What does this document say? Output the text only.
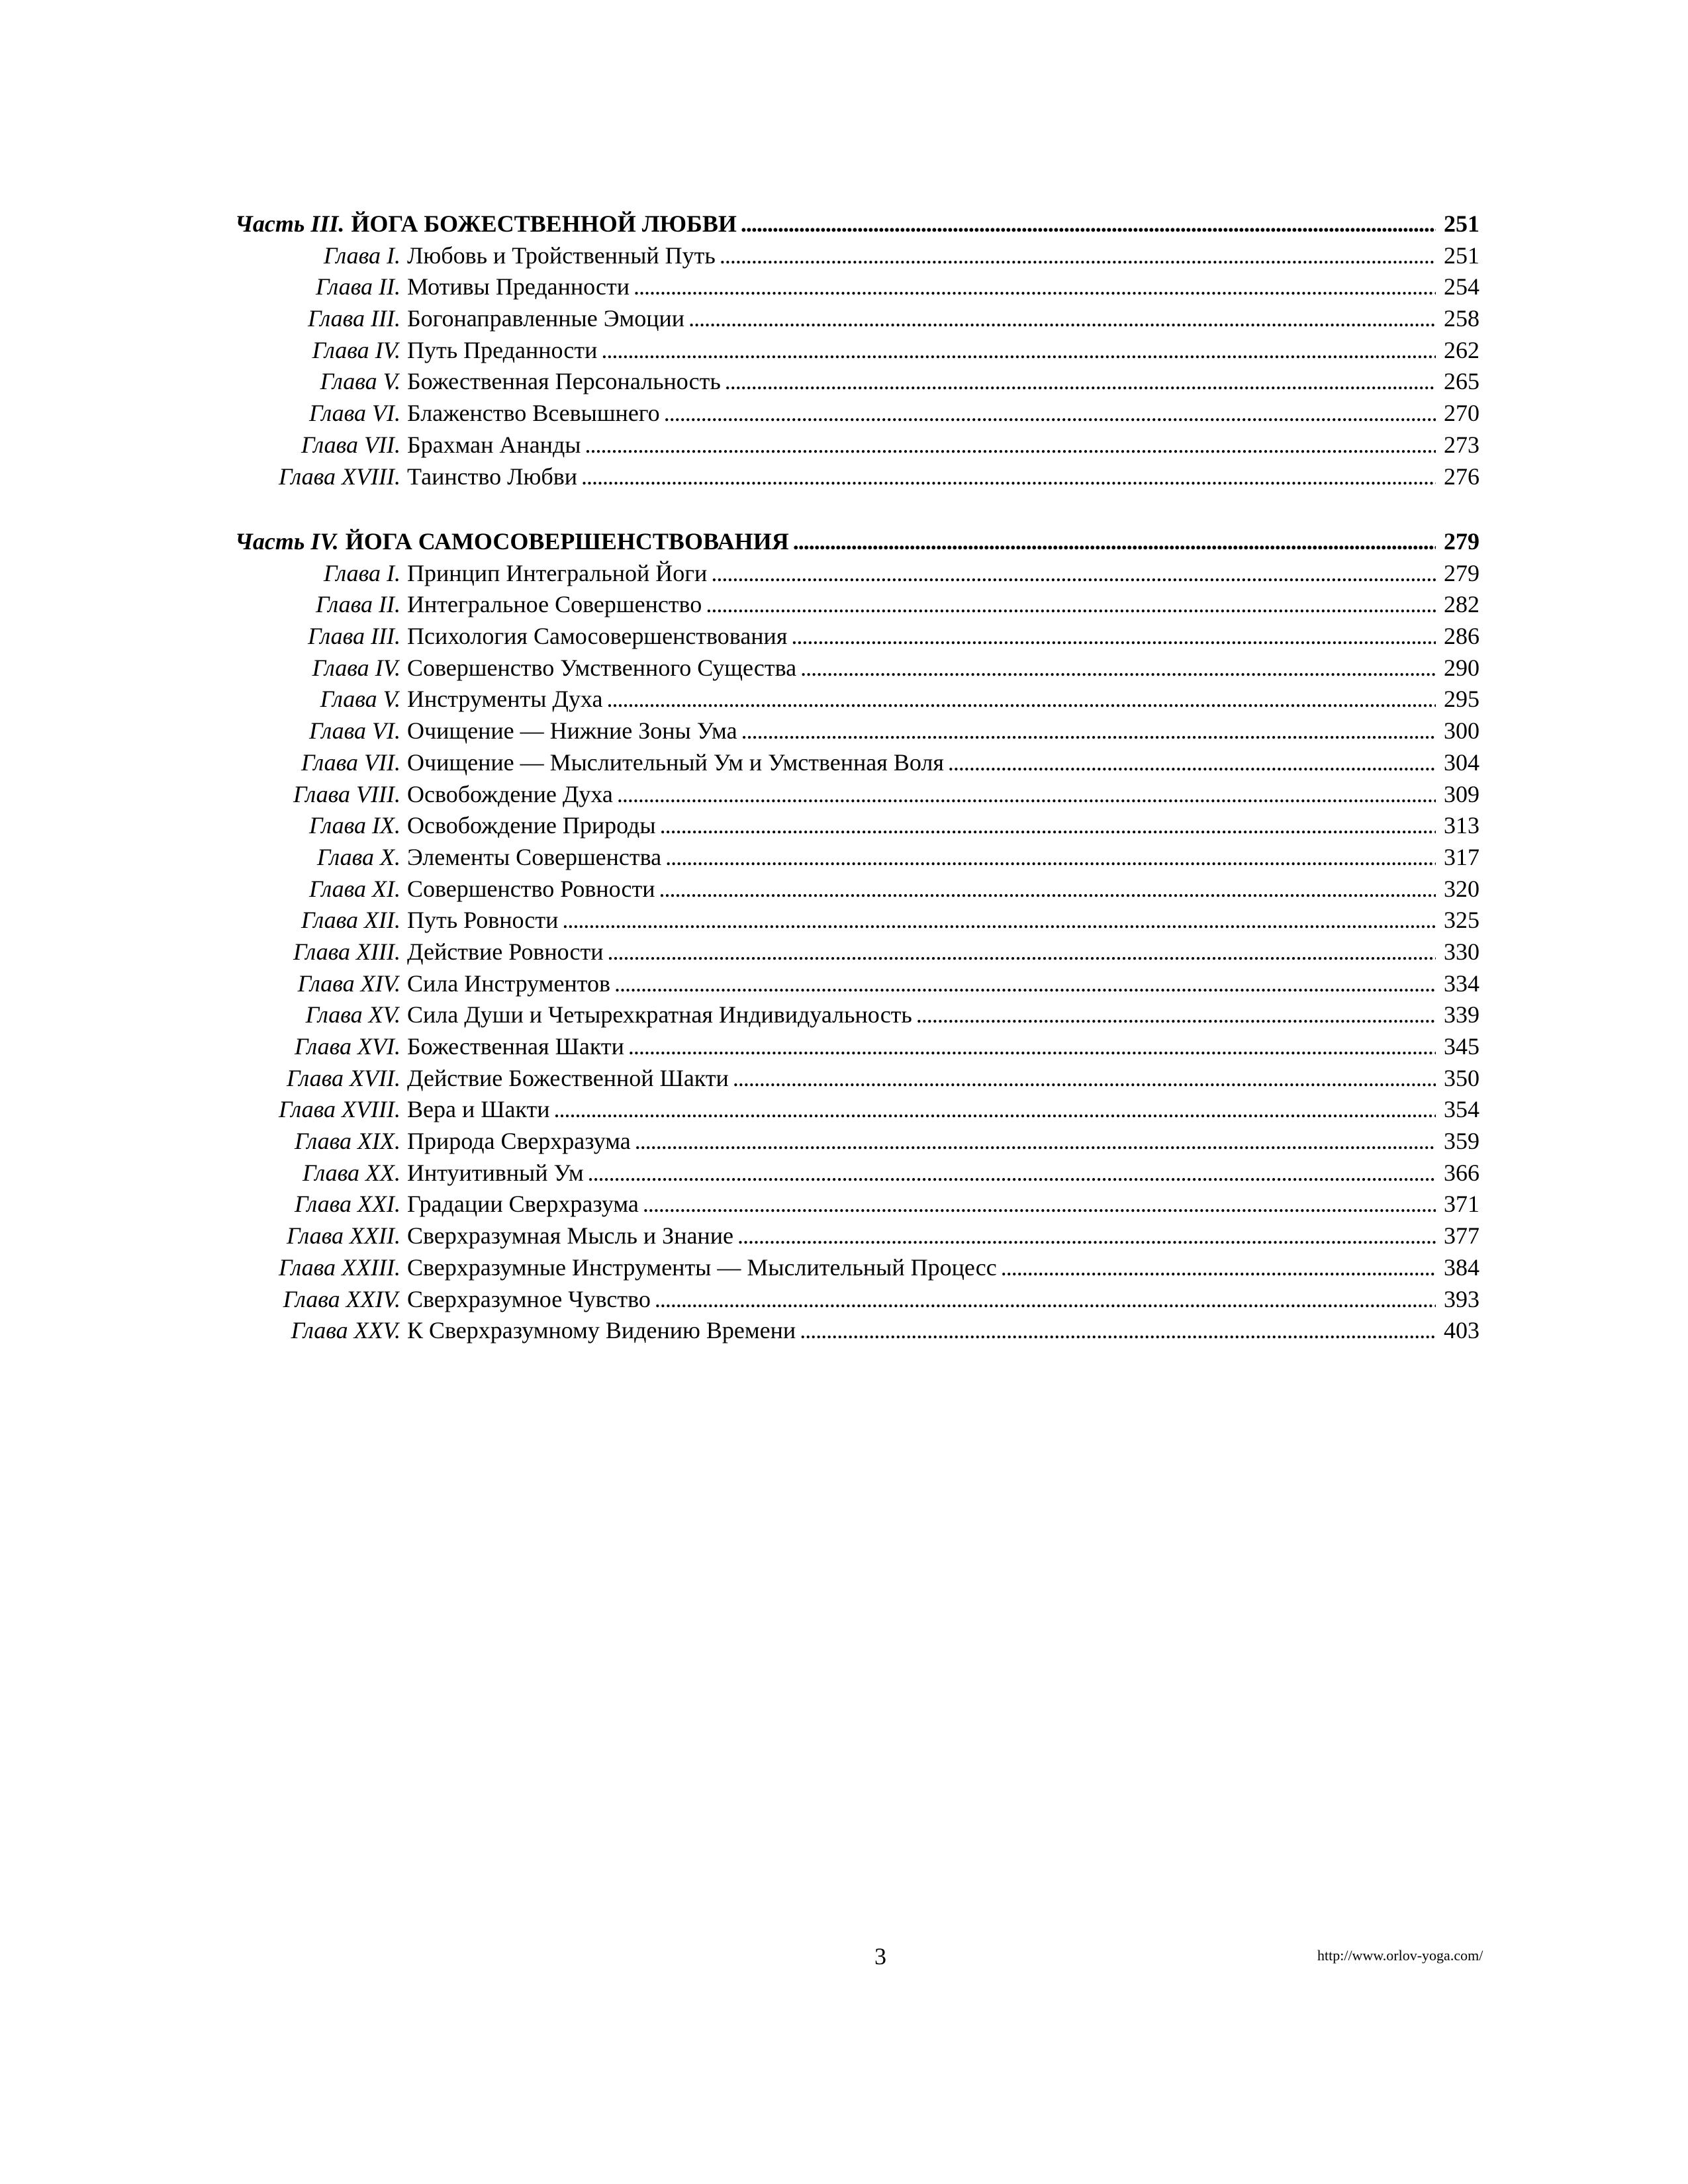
Часть III. ЙОГА БОЖЕСТВЕННОЙ ЛЮБВИ . . .	251
Глава I. Любовь и Тройственный Путь . . .	251
Глава II. Мотивы Преданности . . .	254
Глава III. Богонаправленные Эмоции . . .	258
Глава IV. Путь Преданности . . .	262
Глава V. Божественная Персональность . . .	265
Глава VI. Блаженство Всевышнего . . .	270
Глава VII. Брахман Ананды . . .	273
Глава XVIII. Таинство Любви . . .	276
Часть IV. ЙОГА САМОСОВЕРШЕНСТВОВАНИЯ . . .	279
Глава I. Принцип Интегральной Йоги . . .	279
Глава II. Интегральное Совершенство . . .	282
Глава III. Психология Самосовершенствования . . .	286
Глава IV. Совершенство Умственного Существа . . .	290
Глава V. Инструменты Духа . . .	295
Глава VI. Очищение — Нижние Зоны Ума . . .	300
Глава VII. Очищение — Мыслительный Ум и Умственная Воля . . .	304
Глава VIII. Освобождение Духа . . .	309
Глава IX. Освобождение Природы . . .	313
Глава X. Элементы Совершенства . . .	317
Глава XI. Совершенство Ровности . . .	320
Глава XII. Путь Ровности . . .	325
Глава XIII. Действие Ровности . . .	330
Глава XIV. Сила Инструментов . . .	334
Глава XV. Сила Души и Четырехкратная Индивидуальность . . .	339
Глава XVI. Божественная Шакти . . .	345
Глава XVII. Действие Божественной Шакти . . .	350
Глава XVIII. Вера и Шакти . . .	354
Глава XIX. Природа Сверхразума . . .	359
Глава XX. Интуитивный Ум . . .	366
Глава XXI. Градации Сверхразума . . .	371
Глава XXII. Сверхразумная Мысль и Знание . . .	377
Глава XXIII. Сверхразумные Инструменты — Мыслительный Процесс . . .	384
Глава XXIV. Сверхразумное Чувство . . .	393
Глава XXV. К Сверхразумному Видению Времени . . .	403
3	http://www.orlov-yoga.com/
